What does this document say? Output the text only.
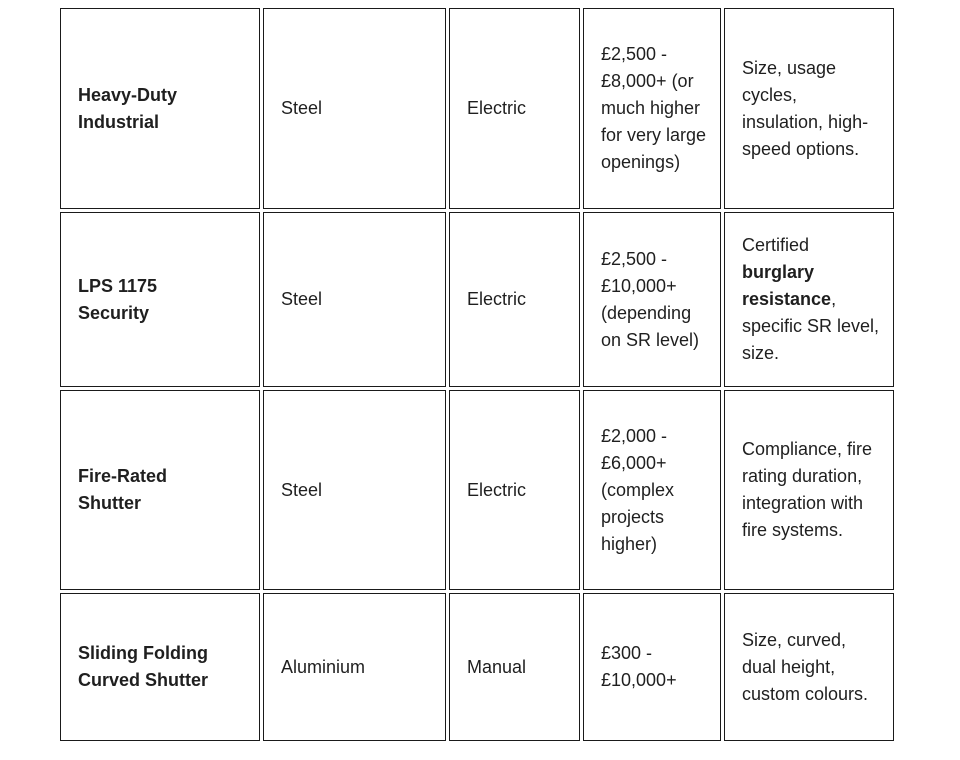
Heavy-Duty Industrial	Steel	Electric	£2,500 - £8,000+ (or much higher for very large openings)	Size, usage cycles, insulation, high-speed options.
LPS 1175 Security	Steel	Electric	£2,500 - £10,000+ (depending on SR level)	Certified burglary resistance, specific SR level, size.
Fire-Rated Shutter	Steel	Electric	£2,000 - £6,000+ (complex projects higher)	Compliance, fire rating duration, integration with fire systems.
Sliding Folding Curved Shutter	Aluminium	Manual	£300 - £10,000+	Size, curved, dual height, custom colours.
